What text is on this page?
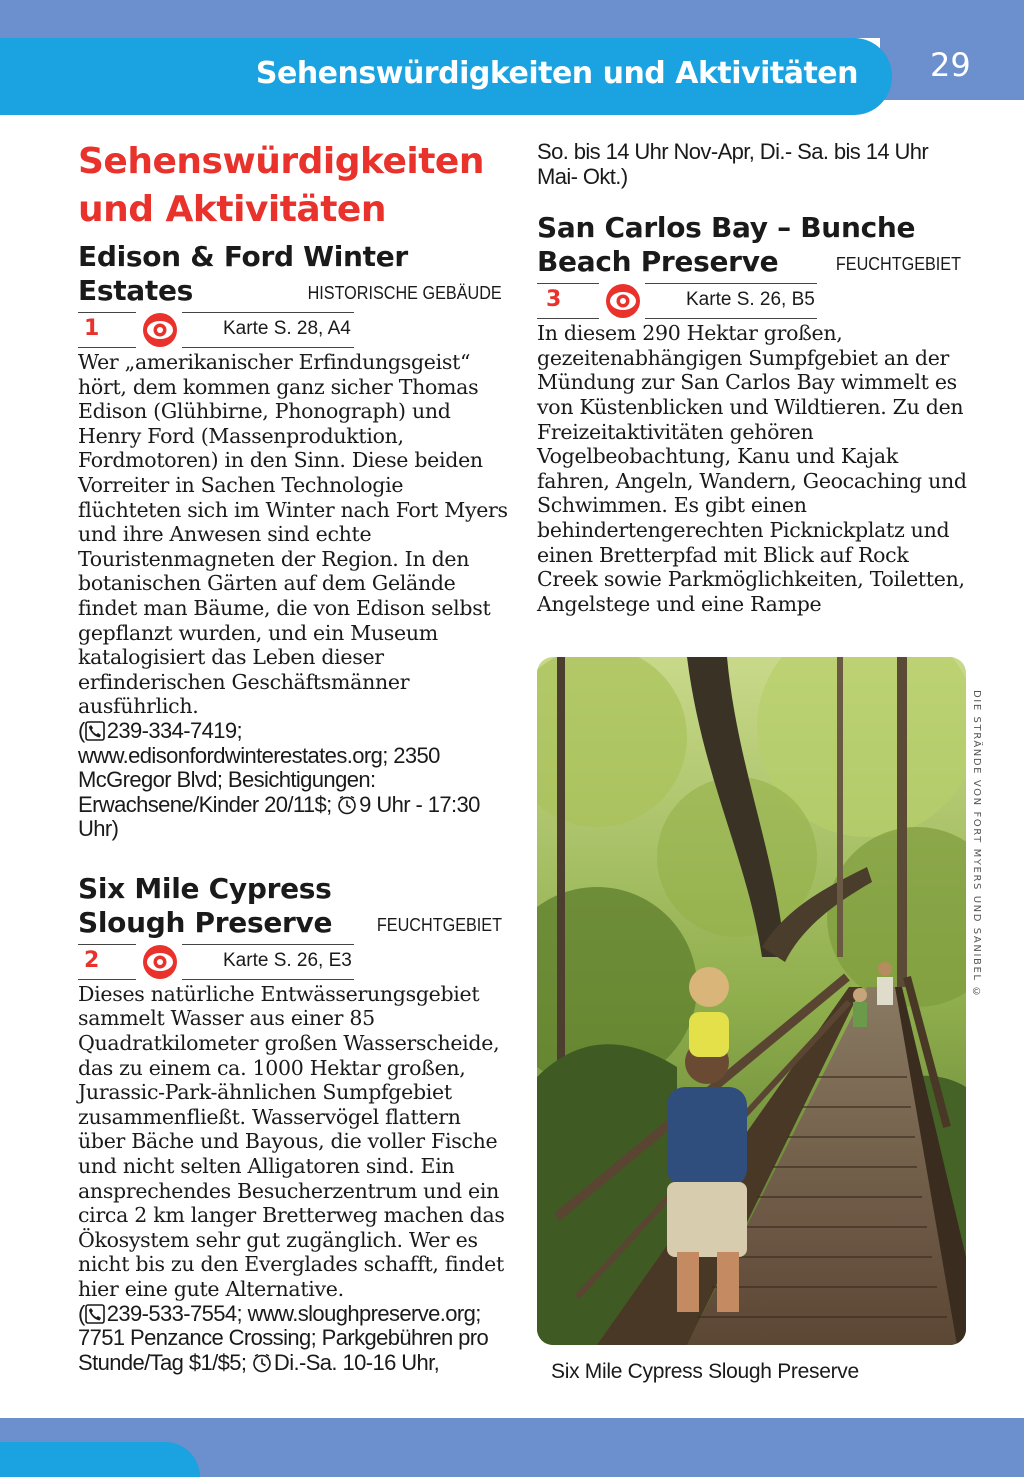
Sehenswürdigkeiten und Aktivitäten 29
Sehenswürdigkeiten
und Aktivitäten
Edison & Ford Winter
Estates	HISTORISCHE GEBÄUDE
1	Karte S. 28, A4

Wer „amerikanischer Erfindungsgeist“ hört, dem kommen ganz sicher Thomas Edison (Glühbirne, Phonograph) und Henry Ford (Massenproduktion, Fordmotoren) in den Sinn. Diese beiden Vorreiter in Sachen Technologie flüchteten sich im Winter nach Fort Myers und ihre Anwesen sind echte Touristenmagneten der Region. In den botanischen Gärten auf dem Gelände findet man Bäume, die von Edison selbst gepflanzt wurden, und ein Museum katalogisiert das Leben dieser erfinderischen Geschäftsmänner ausführlich.

( 239-334-7419; www.edisonfordwinterestates.org; 2350 McGregor Blvd; Besichtigungen: Erwachsene/Kinder 20/11$; 9 Uhr - 17:30 Uhr)

Six Mile Cypress
Slough Preserve	FEUCHTGEBIET
2	Karte S. 26, E3

Dieses natürliche Entwässerungsgebiet sammelt Wasser aus einer 85 Quadratkilometer großen Wasserscheide, das zu einem ca. 1000 Hektar großen, Jurassic-Park-ähnlichen Sumpfgebiet zusammenfließt. Wasservögel flattern über Bäche und Bayous, die voller Fische und nicht selten Alligatoren sind. Ein ansprechendes Besucherzentrum und ein circa 2 km langer Bretterweg machen das Ökosystem sehr gut zugänglich. Wer es nicht bis zu den Everglades schafft, findet hier eine gute Alternative.

( 239-533-7554; www.sloughpreserve.org; 7751 Penzance Crossing; Parkgebühren pro Stunde/Tag $1/$5; Di.-Sa. 10-16 Uhr,

So. bis 14 Uhr Nov-Apr, Di.- Sa. bis 14 Uhr Mai- Okt.)

San Carlos Bay – Bunche
Beach Preserve	FEUCHTGEBIET
3	Karte S. 26, B5

In diesem 290 Hektar großen, gezeitenabhängigen Sumpfgebiet an der Mündung zur San Carlos Bay wimmelt es von Küstenblicken und Wildtieren. Zu den Freizeitaktivitäten gehören Vogelbeobachtung, Kanu und Kajak fahren, Angeln, Wandern, Geocaching und Schwimmen. Es gibt einen behindertengerechten Picknickplatz und einen Bretterpfad mit Blick auf Rock Creek sowie Parkmöglichkeiten, Toiletten, Angelstege und eine Rampe

DIE STRÄNDE VON FORT MYERS UND SANIBEL ©
Six Mile Cypress Slough Preserve
